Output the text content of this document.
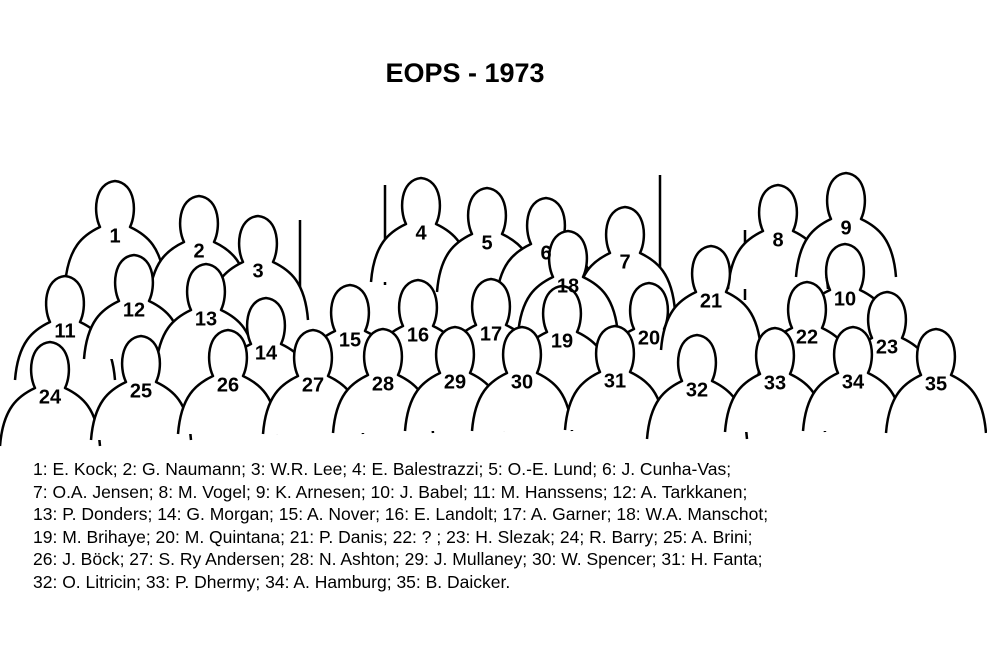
EOPS - 1973
1
2
3
4	5 6	7
8
9
10
11
12 13
14
15 16	17
18
19	20
21
22	23
24	25	26	27 28 29 30	31	32	33	34	35
1: E. Kock; 2: G. Naumann; 3: W.R. Lee; 4: E. Balestrazzi; 5: O.-E. Lund; 6: J. Cunha-Vas;
7: O.A. Jensen; 8: M. Vogel; 9: K. Arnesen; 10: J. Babel; 11: M. Hanssens; 12: A. Tarkkanen;
13: P. Donders; 14: G. Morgan; 15: A. Nover; 16: E. Landolt; 17: A. Garner; 18: W.A. Manschot;
19: M. Brihaye; 20: M. Quintana; 21: P. Danis; 22: ? ; 23: H. Slezak; 24; R. Barry; 25: A. Brini;
26: J. Böck; 27: S. Ry Andersen; 28: N. Ashton; 29: J. Mullaney; 30: W. Spencer; 31: H. Fanta;
32: O. Litricin; 33: P. Dhermy; 34: A. Hamburg; 35: B. Daicker.
